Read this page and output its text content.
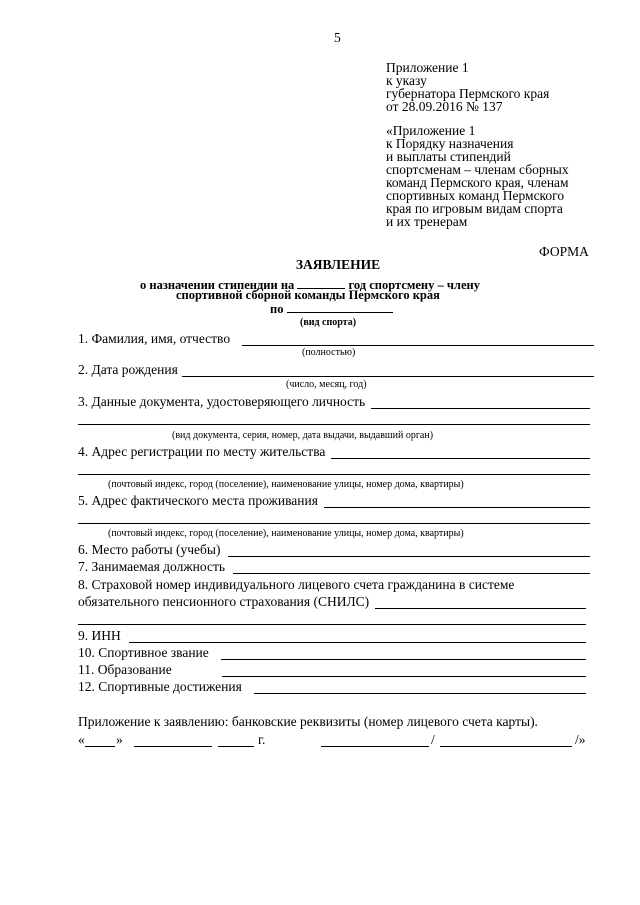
5
Приложение 1
к указу
губернатора Пермского края
от 28.09.2016 № 137
«Приложение 1
к Порядку назначения
и выплаты стипендий
спортсменам – членам сборных
команд Пермского края, членам
спортивных команд Пермского
края по игровым видам спорта
и их тренерам
ФОРМА
ЗАЯВЛЕНИЕ
о назначении стипендии на	год спортсмену – члену
спортивной сборной команды Пермского края
по
(вид спорта)
1. Фамилия, имя, отчество
(полностью)
2. Дата рождения
(число, месяц, год)
3. Данные документа, удостоверяющего личность
(вид документа, серия, номер, дата выдачи, выдавший орган)
4. Адрес регистрации по месту жительства
(почтовый индекс, город (поселение), наименование улицы, номер дома, квартиры)
5. Адрес фактического места проживания
(почтовый индекс, город (поселение), наименование улицы, номер дома, квартиры)
6. Место работы (учебы)
7. Занимаемая должность
8. Страховой номер индивидуального лицевого счета гражданина в системе
обязательного пенсионного страхования (СНИЛС)
9. ИНН
10. Спортивное звание
11. Образование
12. Спортивные достижения
Приложение к заявлению: банковские реквизиты (номер лицевого счета карты).
« »	г.	/	/»
